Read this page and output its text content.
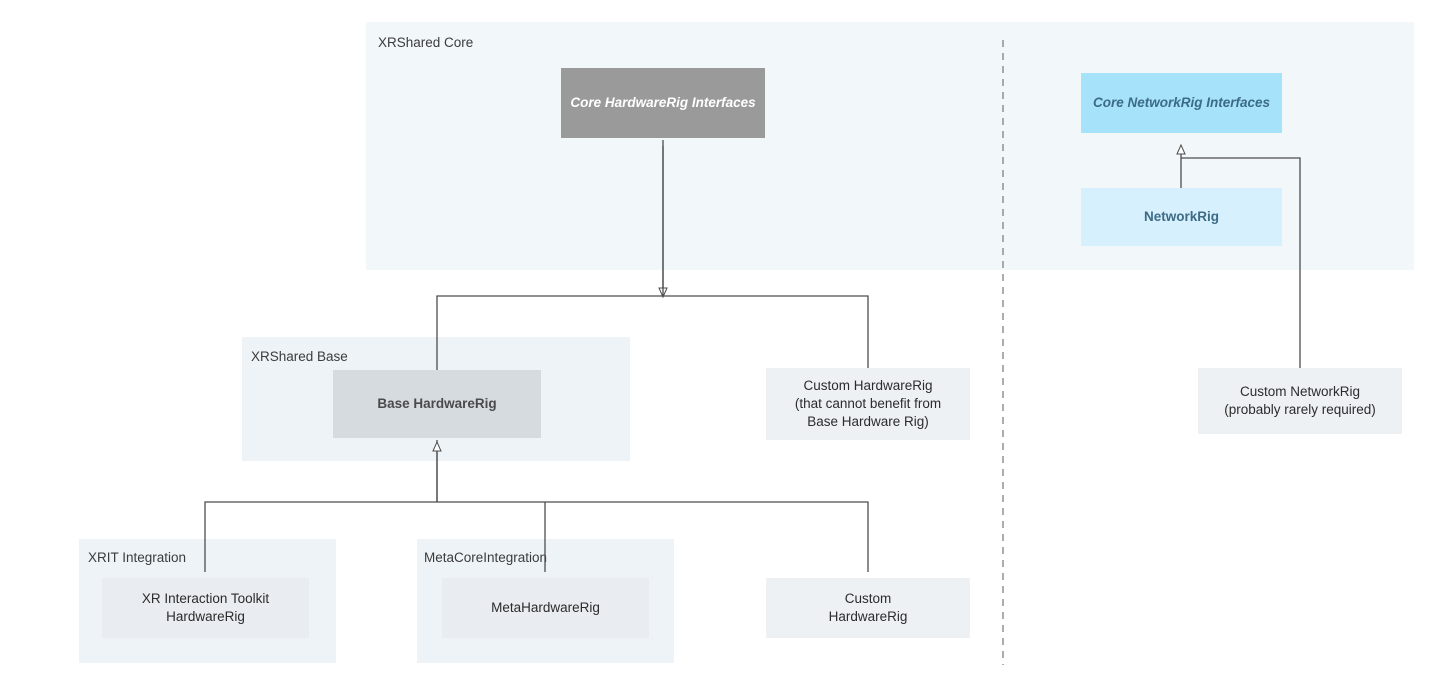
XRShared Core
XRShared Base
XRIT Integration	MetaCoreIntegration
Core HardwareRig Interfaces	Core NetworkRig Interfaces
NetworkRig
Base HardwareRig
Custom HardwareRig
(that cannot benefit from
Base Hardware Rig)
Custom NetworkRig
(probably rarely required)
XR Interaction Toolkit
HardwareRig
MetaHardwareRig
Custom
HardwareRig
